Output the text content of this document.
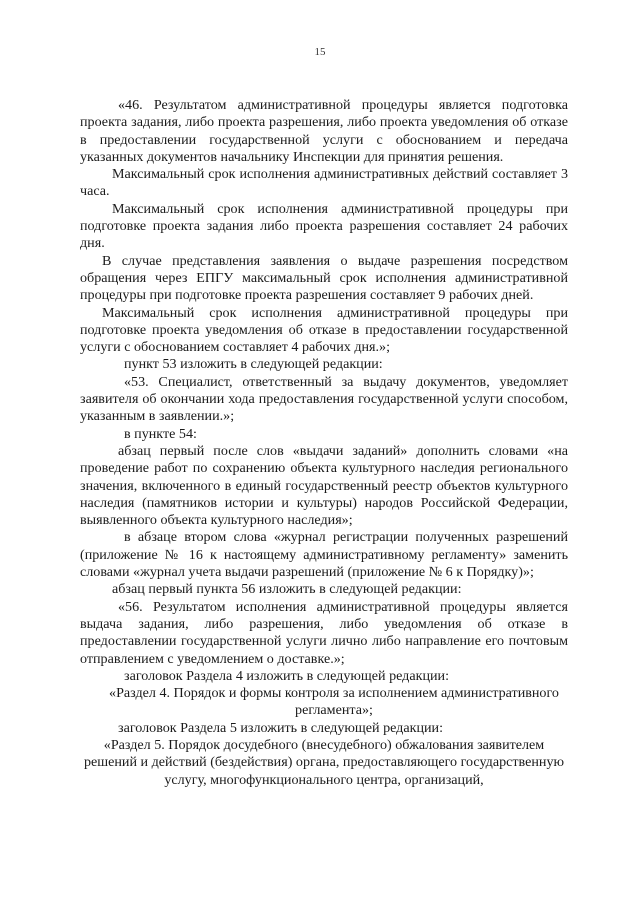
15

«46. Результатом административной процедуры является подготовка проекта задания, либо проекта разрешения, либо проекта уведомления об отказе в предоставлении государственной услуги с обоснованием и передача указанных документов начальнику Инспекции для принятия решения.

Максимальный срок исполнения административных действий составляет 3 часа.

Максимальный срок исполнения административной процедуры при подготовке проекта задания либо проекта разрешения составляет 24 рабочих дня.

В случае представления заявления о выдаче разрешения посредством обращения через ЕПГУ максимальный срок исполнения административной процедуры при подготовке проекта разрешения составляет 9 рабочих дней.

Максимальный срок исполнения административной процедуры при подготовке проекта уведомления об отказе в предоставлении государственной услуги с обоснованием составляет 4 рабочих дня.»;

пункт 53 изложить в следующей редакции:

«53. Специалист, ответственный за выдачу документов, уведомляет заявителя об окончании хода предоставления государственной услуги способом, указанным в заявлении.»;

в пункте 54:

абзац первый после слов «выдачи заданий» дополнить словами «на проведение работ по сохранению объекта культурного наследия регионального значения, включенного в единый государственный реестр объектов культурного наследия (памятников истории и культуры) народов Российской Федерации, выявленного объекта культурного наследия»;

в абзаце втором слова «журнал регистрации полученных разрешений (приложение № 16 к настоящему административному регламенту» заменить словами «журнал учета выдачи разрешений (приложение № 6 к Порядку)»;

абзац первый пункта 56 изложить в следующей редакции:

«56. Результатом исполнения административной процедуры является выдача задания, либо разрешения, либо уведомления об отказе в предоставлении государственной услуги лично либо направление его почтовым отправлением с уведомлением о доставке.»;

заголовок Раздела 4 изложить в следующей редакции:

«Раздел 4. Порядок и формы контроля за исполнением административного регламента»;

заголовок Раздела 5 изложить в следующей редакции:

«Раздел 5. Порядок досудебного (внесудебного) обжалования заявителем решений и действий (бездействия) органа, предоставляющего государственную услугу, многофункционального центра, организаций,
